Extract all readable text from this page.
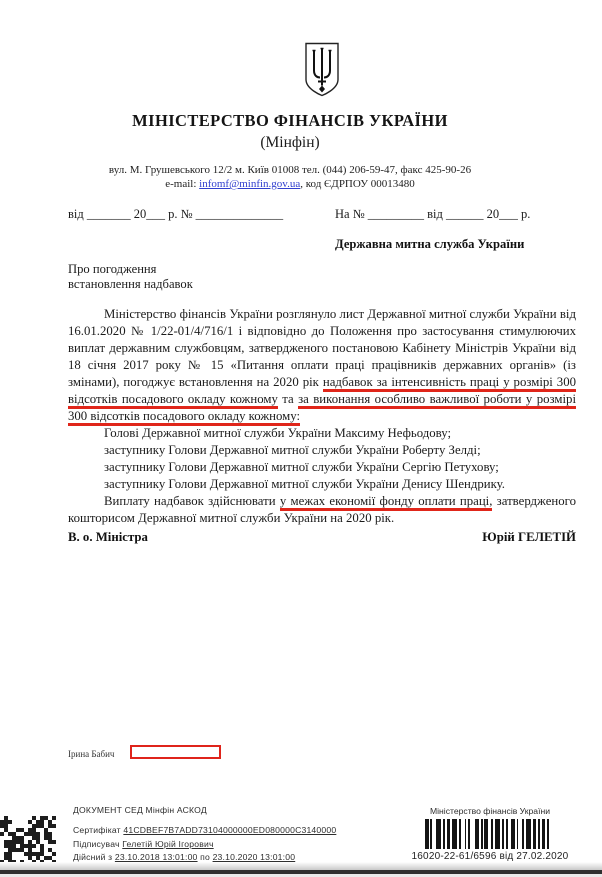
МІНІСТЕРСТВО ФІНАНСІВ УКРАЇНИ
(Мінфін)
вул. М. Грушевського 12/2 м. Київ 01008 тел. (044) 206-59-47, факс 425-90-26
e-mail: infomf@minfin.gov.ua, код ЄДРПОУ 00013480
від _______ 20___ р. № ______________	На № _________ від ______ 20___ р.
Державна митна служба України
Про погодження
встановлення надбавок

Міністерство фінансів України розглянуло лист Державної митної служби України від 16.01.2020 № 1/22-01/4/716/1 і відповідно до Положення про застосування стимулюючих виплат державним службовцям, затвердженого постановою Кабінету Міністрів України від 18 січня 2017 року № 15 «Питання оплати праці працівників державних органів» (із змінами), погоджує встановлення на 2020 рік надбавок за інтенсивність праці у розмірі 300 відсотків посадового окладу кожному та за виконання особливо важливої роботи у розмірі 300 відсотків посадового окладу кожному:

Голові Державної митної служби України Максиму Нефьодову;

заступнику Голови Державної митної служби України Роберту Зелді;

заступнику Голови Державної митної служби України Сергію Петухову;

заступнику Голови Державної митної служби України Денису Шендрику.

Виплату надбавок здійснювати у межах економії фонду оплати праці, затвердженого кошторисом Державної митної служби України на 2020 рік.

В. о. Міністра	Юрій ГЕЛЕТІЙ
Ірина Бабич
ДОКУМЕНТ СЕД Мінфін АСКОД
Сертифікат 41CDBEF7B7ADD73104000000ED080000C3140000
Підписувач Гелетій Юрій Ігорович
Дійсний з 23.10.2018 13:01:00 по 23.10.2020 13:01:00
Міністерство фінансів України
16020-22-61/6596 від 27.02.2020
